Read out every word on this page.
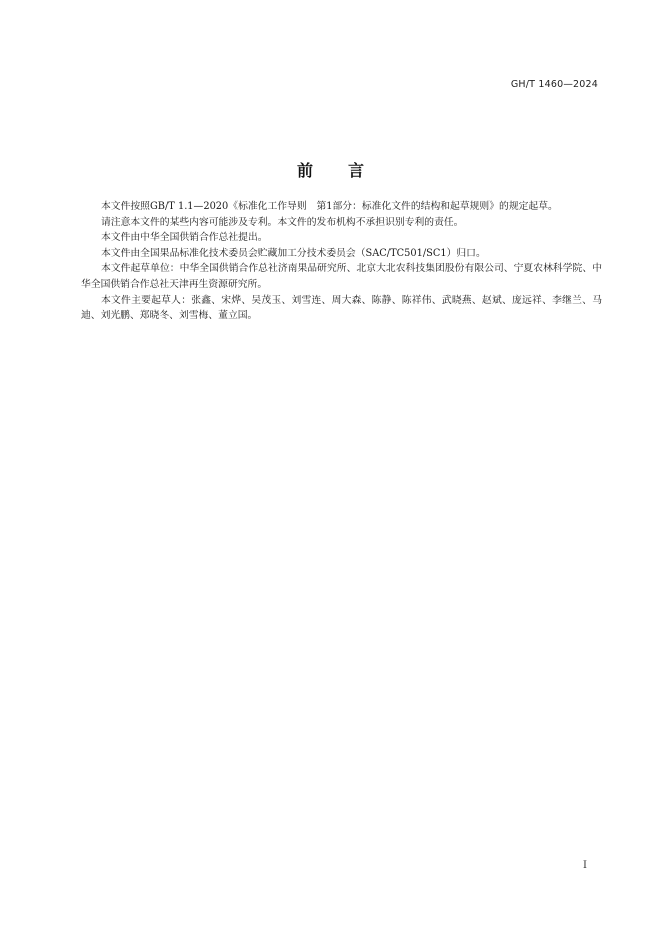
GH/T 1460—2024
前 言

本文件按照GB/T 1.1—2020《标准化工作导则　第1部分：标准化文件的结构和起草规则》的规定起草。

请注意本文件的某些内容可能涉及专利。本文件的发布机构不承担识别专利的责任。

本文件由中华全国供销合作总社提出。

本文件由全国果品标准化技术委员会贮藏加工分技术委员会（SAC/TC501/SC1）归口。

本文件起草单位：中华全国供销合作总社济南果品研究所、北京大北农科技集团股份有限公司、宁夏农林科学院、中华全国供销合作总社天津再生资源研究所。

本文件主要起草人：张鑫、宋烨、吴茂玉、刘雪连、周大森、陈静、陈祥伟、武晓燕、赵斌、庞远祥、李继兰、马迪、刘光鹏、郑晓冬、刘雪梅、董立国。

I
